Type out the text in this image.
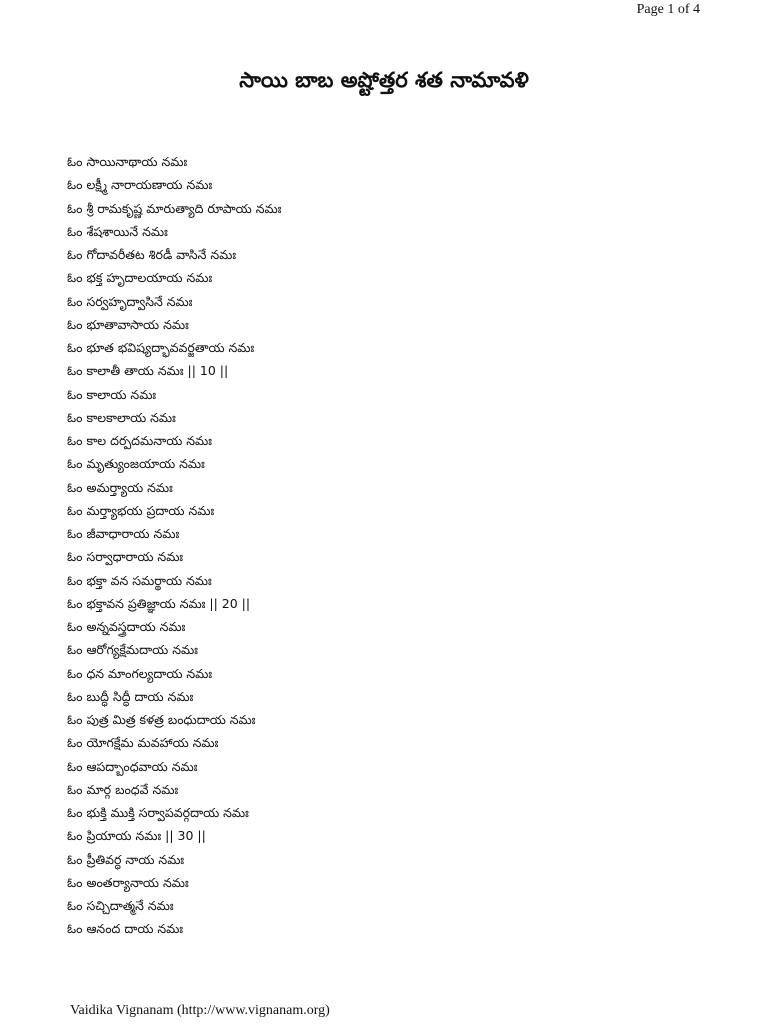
Page 1 of 4
సాయి బాబ అష్టోత్తర శత నామావళి
ఓం సాయినాథాయ నమః
ఓం లక్ష్మీ నారాయణాయ నమః
ఓం శ్రీ రామకృష్ణ మారుత్యాది రూపాయ నమః
ఓం శేషశాయినే నమః
ఓం గోదావరీతట శిరడీ వాసినే నమః
ఓం భక్త హృదాలయాయ నమః
ఓం సర్వహృద్వాసినే నమః
ఓం భూతావాసాయ నమః
ఓం భూత భవిష్యద్భావవర్జతాయ నమః
ఓం కాలాతీ తాయ నమః || 10 ||
ఓం కాలాయ నమః
ఓం కాలకాలాయ నమః
ఓం కాల దర్పదమనాయ నమః
ఓం మృత్యుంజయాయ నమః
ఓం అమర్త్యాయ నమః
ఓం మర్త్యాభయ ప్రదాయ నమః
ఓం జీవాధారాయ నమః
ఓం సర్వాధారాయ నమః
ఓం భక్తా వన సమర్థాయ నమః
ఓం భక్తావన ప్రతిజ్ఞాయ నమః || 20 ||
ఓం అన్నవస్త్రదాయ నమః
ఓం ఆరోగ్యక్షేమదాయ నమః
ఓం ధన మాంగల్యదాయ నమః
ఓం బుద్ధీ సిద్ధీ దాయ నమః
ఓం పుత్ర మిత్ర కళత్ర బంధుదాయ నమః
ఓం యోగక్షేమ మవహాయ నమః
ఓం ఆపద్బాంధవాయ నమః
ఓం మార్గ బంధవే నమః
ఓం భుక్తి ముక్తి సర్వాపవర్గదాయ నమః
ఓం ప్రియాయ నమః || 30 ||
ఓం ప్రీతివర్ధ నాయ నమః
ఓం అంతర్యానాయ నమః
ఓం సచ్చిదాత్మనే నమః
ఓం ఆనంద దాయ నమః
Vaidika Vignanam (http://www.vignanam.org)
